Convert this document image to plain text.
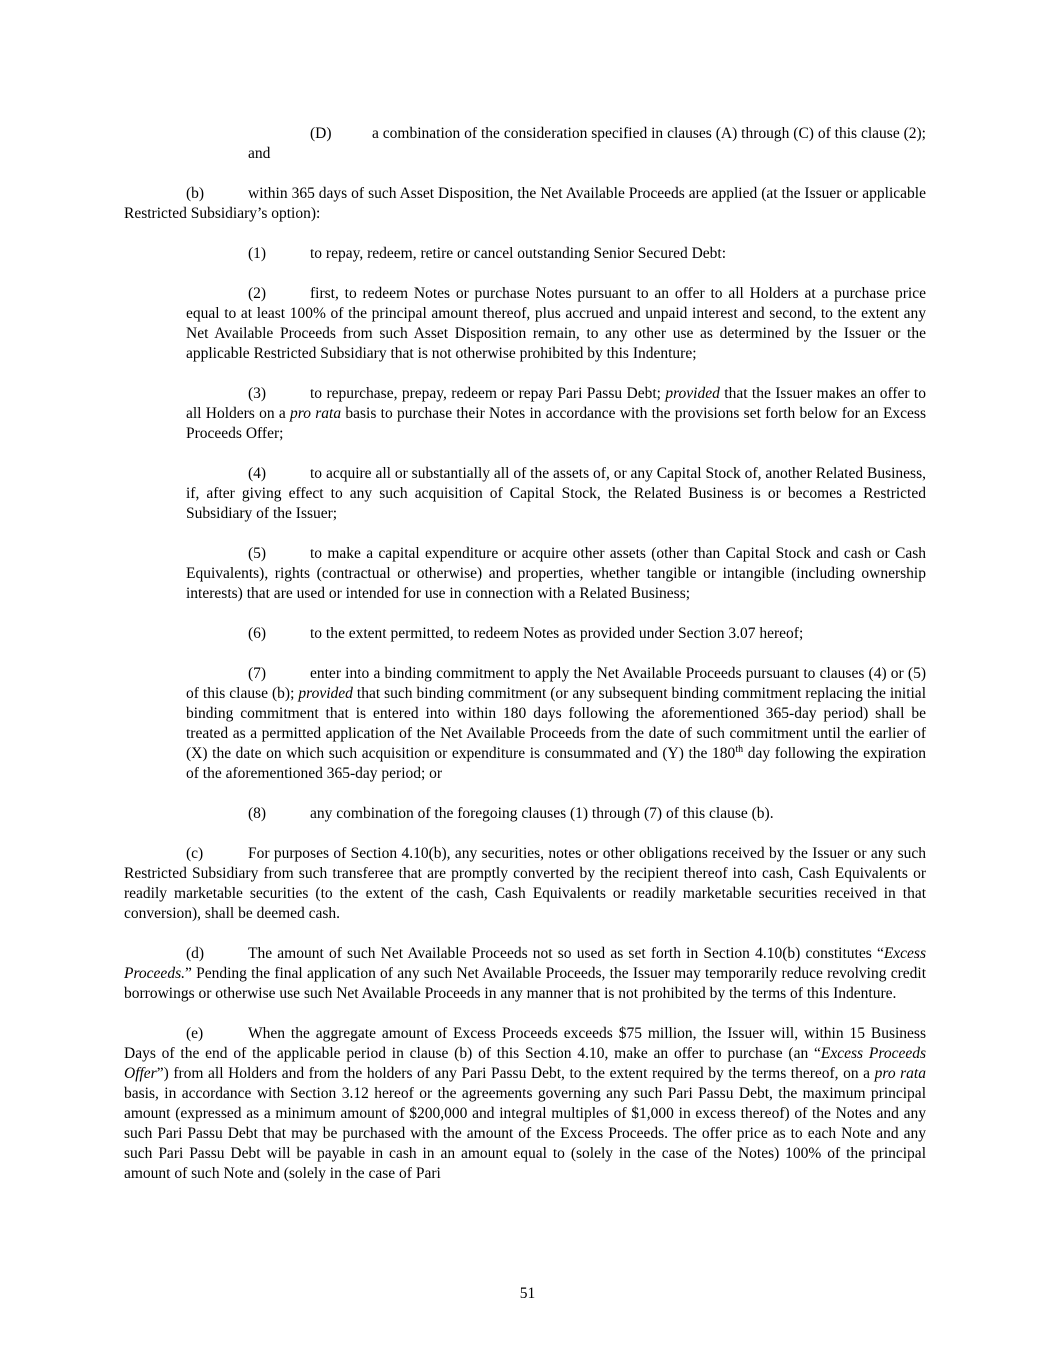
(D)	a combination of the consideration specified in clauses (A) through (C) of this clause (2); and

(b)	within 365 days of such Asset Disposition, the Net Available Proceeds are applied (at the Issuer or applicable Restricted Subsidiary’s option):

(1)	to repay, redeem, retire or cancel outstanding Senior Secured Debt:

(2)	first, to redeem Notes or purchase Notes pursuant to an offer to all Holders at a purchase price equal to at least 100% of the principal amount thereof, plus accrued and unpaid interest and second, to the extent any Net Available Proceeds from such Asset Disposition remain, to any other use as determined by the Issuer or the applicable Restricted Subsidiary that is not otherwise prohibited by this Indenture;

(3)	to repurchase, prepay, redeem or repay Pari Passu Debt; provided that the Issuer makes an offer to all Holders on a pro rata basis to purchase their Notes in accordance with the provisions set forth below for an Excess Proceeds Offer;

(4)	to acquire all or substantially all of the assets of, or any Capital Stock of, another Related Business, if, after giving effect to any such acquisition of Capital Stock, the Related Business is or becomes a Restricted Subsidiary of the Issuer;

(5)	to make a capital expenditure or acquire other assets (other than Capital Stock and cash or Cash Equivalents), rights (contractual or otherwise) and properties, whether tangible or intangible (including ownership interests) that are used or intended for use in connection with a Related Business;

(6)	to the extent permitted, to redeem Notes as provided under Section 3.07 hereof;

(7)	enter into a binding commitment to apply the Net Available Proceeds pursuant to clauses (4) or (5) of this clause (b); provided that such binding commitment (or any subsequent binding commitment replacing the initial binding commitment that is entered into within 180 days following the aforementioned 365-day period) shall be treated as a permitted application of the Net Available Proceeds from the date of such commitment until the earlier of (X) the date on which such acquisition or expenditure is consummated and (Y) the 180th day following the expiration of the aforementioned 365-day period; or

(8)	any combination of the foregoing clauses (1) through (7) of this clause (b).

(c)	For purposes of Section 4.10(b), any securities, notes or other obligations received by the Issuer or any such Restricted Subsidiary from such transferee that are promptly converted by the recipient thereof into cash, Cash Equivalents or readily marketable securities (to the extent of the cash, Cash Equivalents or readily marketable securities received in that conversion), shall be deemed cash.

(d)	The amount of such Net Available Proceeds not so used as set forth in Section 4.10(b) constitutes “Excess Proceeds.” Pending the final application of any such Net Available Proceeds, the Issuer may temporarily reduce revolving credit borrowings or otherwise use such Net Available Proceeds in any manner that is not prohibited by the terms of this Indenture.

(e)	When the aggregate amount of Excess Proceeds exceeds $75 million, the Issuer will, within 15 Business Days of the end of the applicable period in clause (b) of this Section 4.10, make an offer to purchase (an “Excess Proceeds Offer”) from all Holders and from the holders of any Pari Passu Debt, to the extent required by the terms thereof, on a pro rata basis, in accordance with Section 3.12 hereof or the agreements governing any such Pari Passu Debt, the maximum principal amount (expressed as a minimum amount of $200,000 and integral multiples of $1,000 in excess thereof) of the Notes and any such Pari Passu Debt that may be purchased with the amount of the Excess Proceeds. The offer price as to each Note and any such Pari Passu Debt will be payable in cash in an amount equal to (solely in the case of the Notes) 100% of the principal amount of such Note and (solely in the case of Pari

51
